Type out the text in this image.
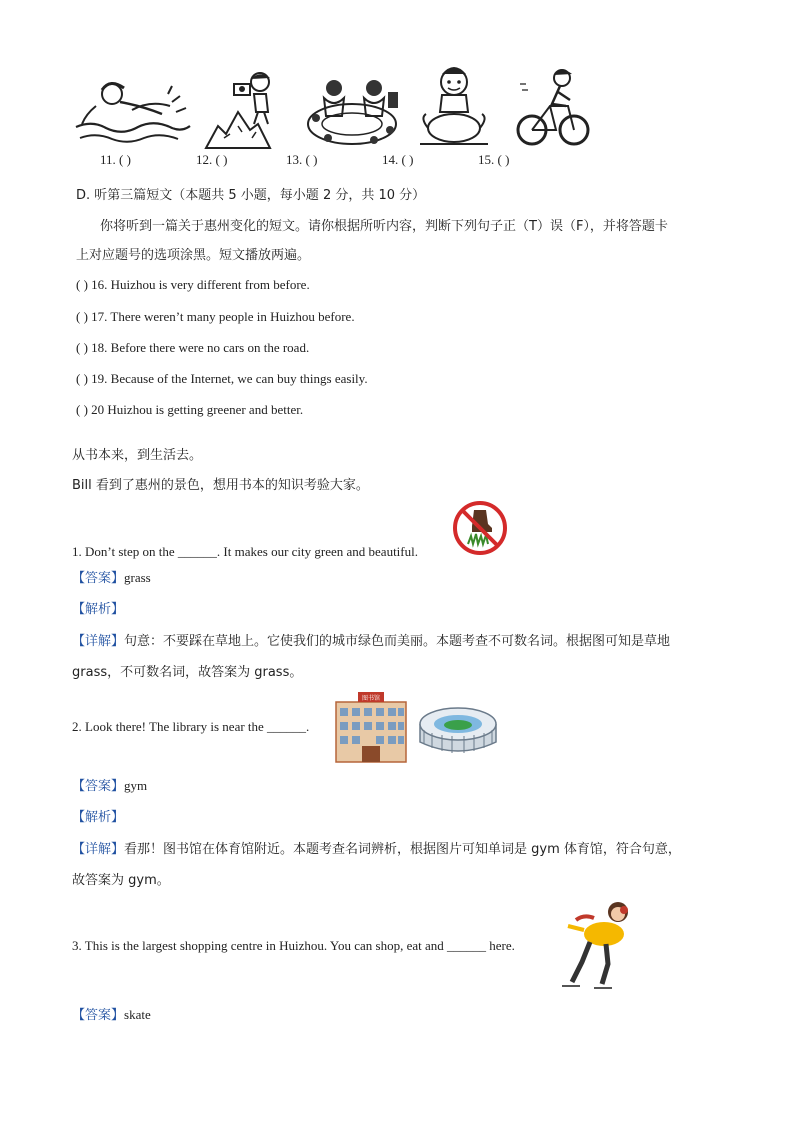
11. ( )	12. ( )	13. ( )	14. ( )	15. ( )
D. 听第三篇短文（本题共 5 小题，每小题 2 分，共 10 分）
你将听到一篇关于惠州变化的短文。请你根据所听内容，判断下列句子正（T）误（F），并将答题卡
上对应题号的选项涂黑。短文播放两遍。
( ) 16. Huizhou is very different from before.
( ) 17. There weren’t many people in Huizhou before.
( ) 18. Before there were no cars on the road.
( ) 19. Because of the Internet, we can buy things easily.
( ) 20 Huizhou is getting greener and better.
从书本来，到生活去。
Bill 看到了惠州的景色，想用书本的知识考验大家。
1. Don’t step on the ______. It makes our city green and beautiful.
【答案】grass
【解析】
【详解】句意：不要踩在草地上。它使我们的城市绿色而美丽。本题考查不可数名词。根据图可知是草地
grass，不可数名词，故答案为 grass。
2. Look there! The library is near the ______.
图书馆
【答案】gym
【解析】
【详解】看那！图书馆在体育馆附近。本题考查名词辨析，根据图片可知单词是 gym 体育馆，符合句意，
故答案为 gym。
3. This is the largest shopping centre in Huizhou. You can shop, eat and ______ here.
【答案】skate
